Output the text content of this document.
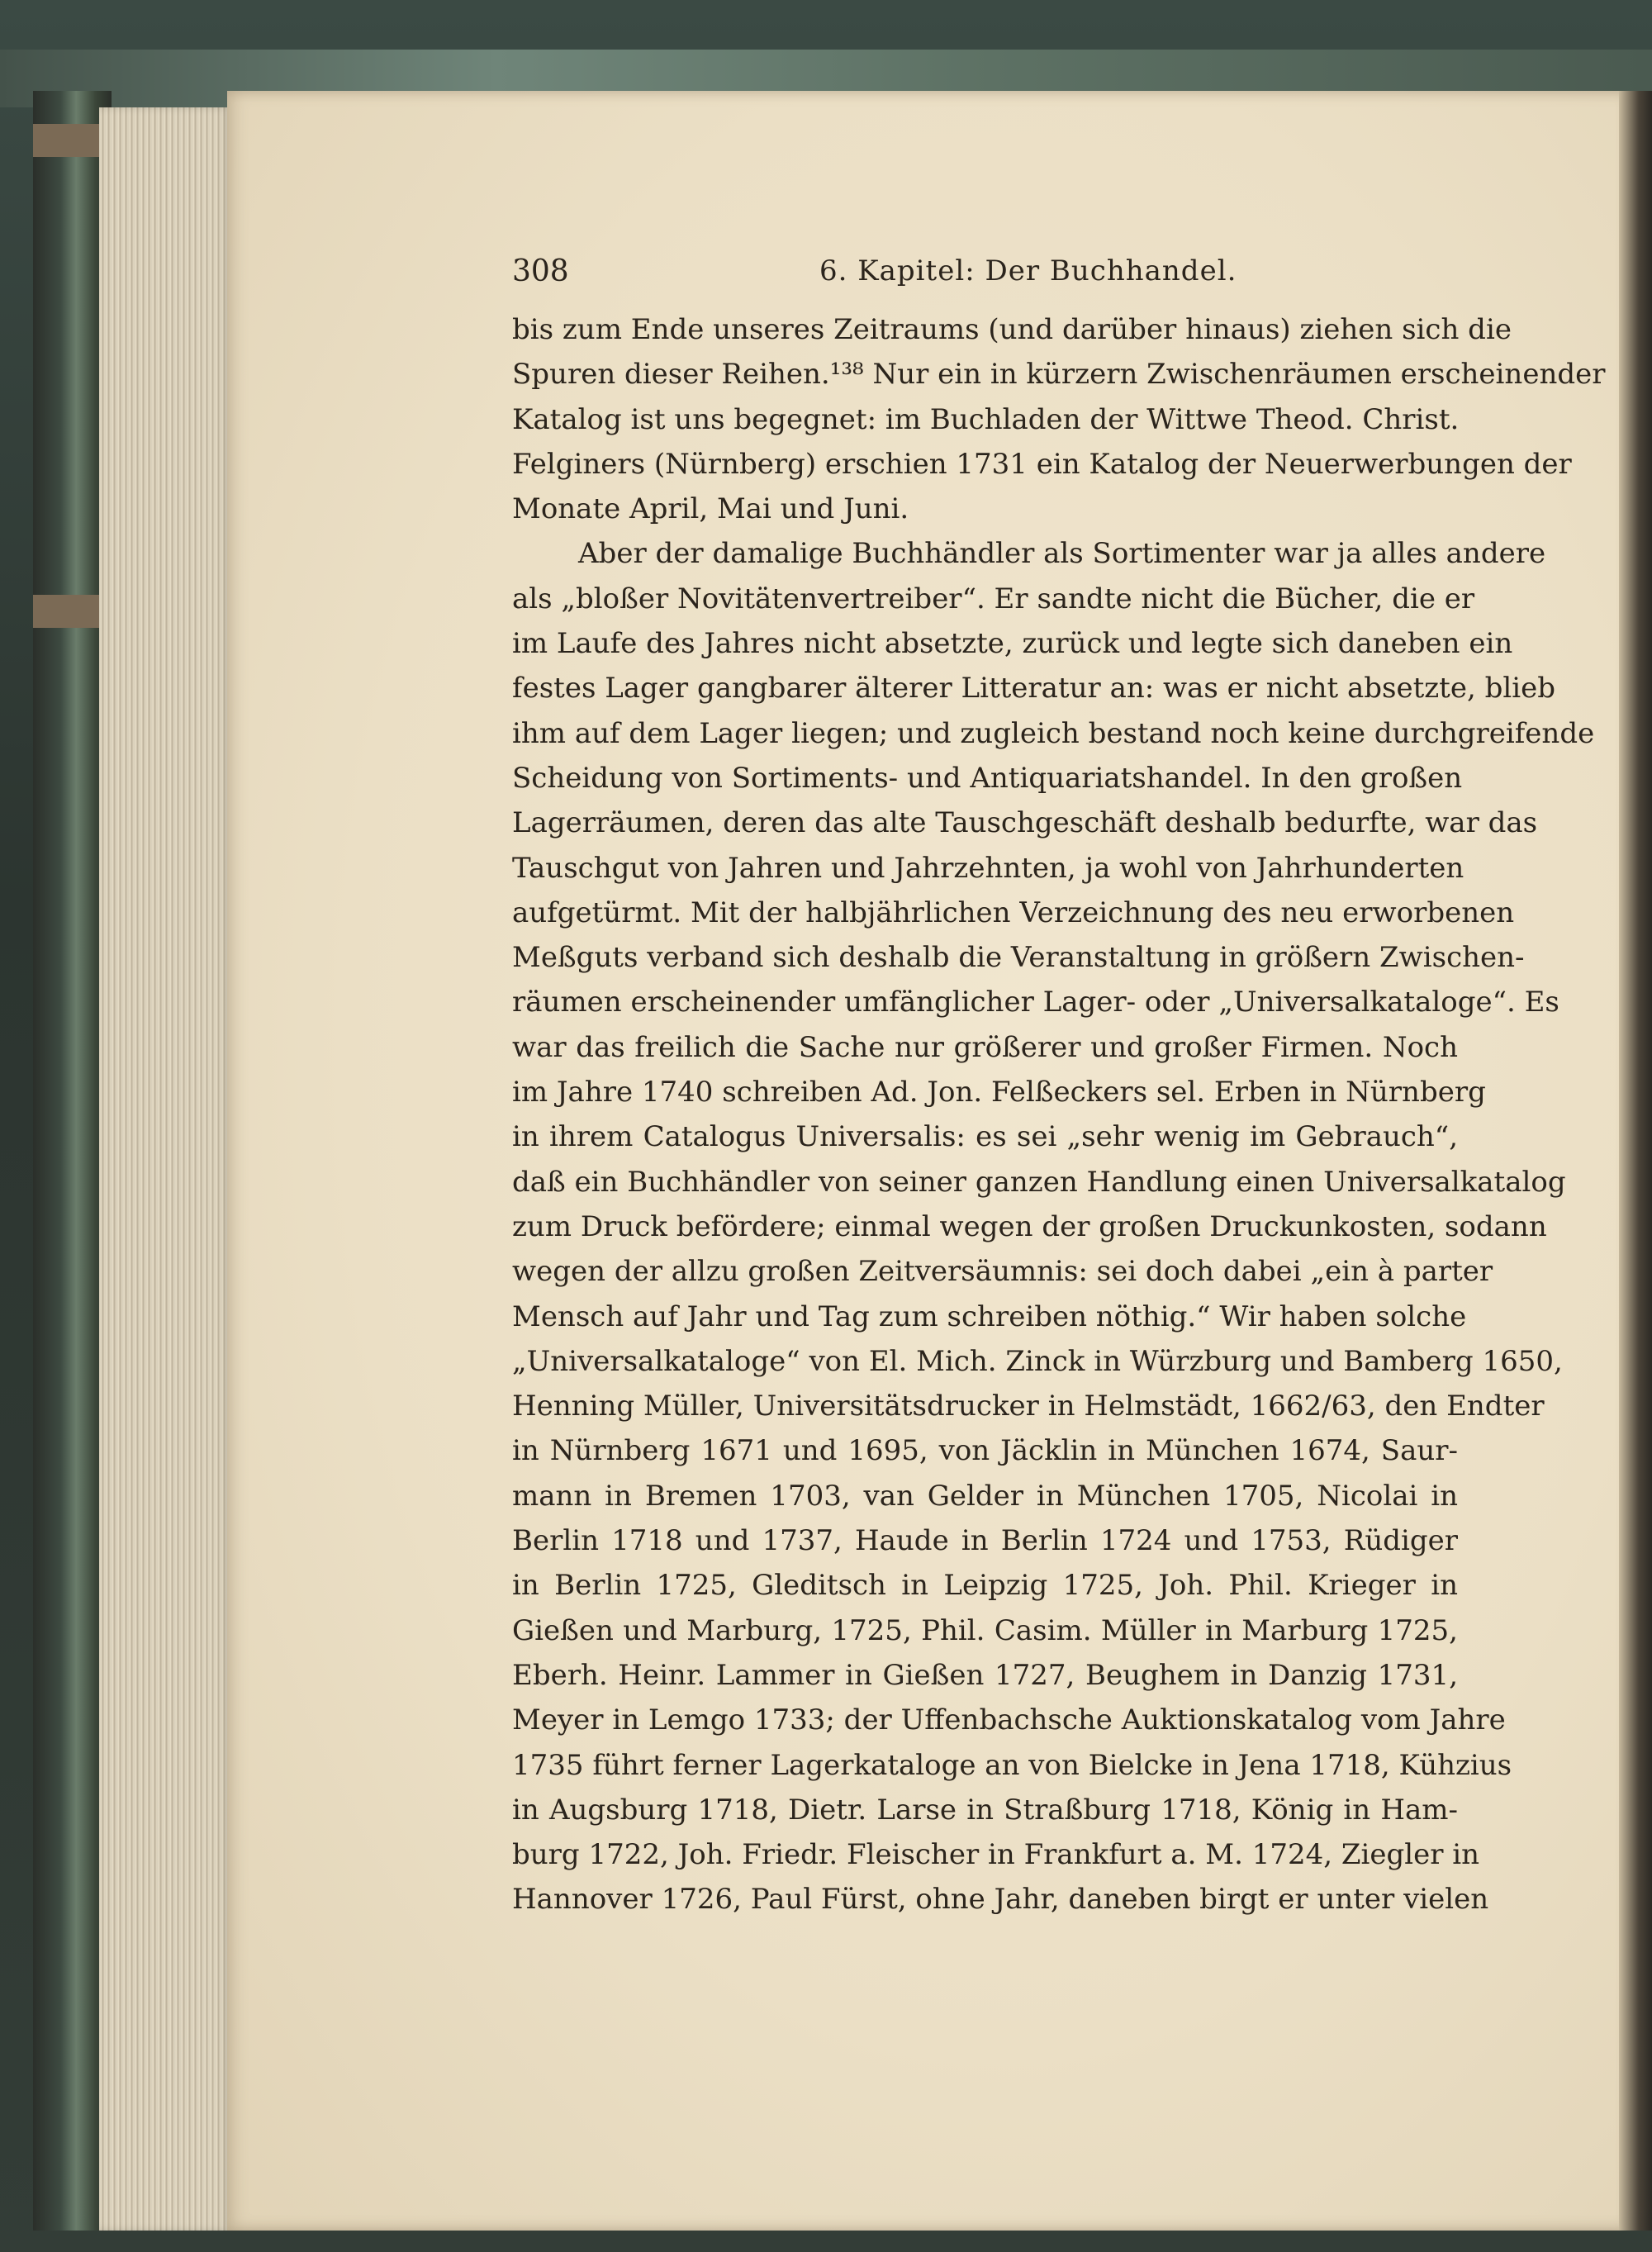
308	6. Kapitel: Der Buchhandel.
bis zum Ende unseres Zeitraums (und darüber hinaus) ziehen sich die
Spuren dieser Reihen.¹³⁸ Nur ein in kürzern Zwischenräumen erscheinender
Katalog ist uns begegnet: im Buchladen der Wittwe Theod. Christ.
Felginers (Nürnberg) erschien 1731 ein Katalog der Neuerwerbungen der
Monate April, Mai und Juni.
Aber der damalige Buchhändler als Sortimenter war ja alles andere
als „bloßer Novitätenvertreiber“. Er sandte nicht die Bücher, die er
im Laufe des Jahres nicht absetzte, zurück und legte sich daneben ein
festes Lager gangbarer älterer Litteratur an: was er nicht absetzte, blieb
ihm auf dem Lager liegen; und zugleich bestand noch keine durchgreifende
Scheidung von Sortiments- und Antiquariatshandel. In den großen
Lagerräumen, deren das alte Tauschgeschäft deshalb bedurfte, war das
Tauschgut von Jahren und Jahrzehnten, ja wohl von Jahrhunderten
aufgetürmt. Mit der halbjährlichen Verzeichnung des neu erworbenen
Meßguts verband sich deshalb die Veranstaltung in größern Zwischen-
räumen erscheinender umfänglicher Lager- oder „Universalkataloge“. Es
war das freilich die Sache nur größerer und großer Firmen. Noch
im Jahre 1740 schreiben Ad. Jon. Felßeckers sel. Erben in Nürnberg
in ihrem Catalogus Universalis: es sei „sehr wenig im Gebrauch“,
daß ein Buchhändler von seiner ganzen Handlung einen Universalkatalog
zum Druck befördere; einmal wegen der großen Druckunkosten, sodann
wegen der allzu großen Zeitversäumnis: sei doch dabei „ein à parter
Mensch auf Jahr und Tag zum schreiben nöthig.“ Wir haben solche
„Universalkataloge“ von El. Mich. Zinck in Würzburg und Bamberg 1650,
Henning Müller, Universitätsdrucker in Helmstädt, 1662/63, den Endter
in Nürnberg 1671 und 1695, von Jäcklin in München 1674, Saur-
mann in Bremen 1703, van Gelder in München 1705, Nicolai in
Berlin 1718 und 1737, Haude in Berlin 1724 und 1753, Rüdiger
in Berlin 1725, Gleditsch in Leipzig 1725, Joh. Phil. Krieger in
Gießen und Marburg, 1725, Phil. Casim. Müller in Marburg 1725,
Eberh. Heinr. Lammer in Gießen 1727, Beughem in Danzig 1731,
Meyer in Lemgo 1733; der Uffenbachsche Auktionskatalog vom Jahre
1735 führt ferner Lagerkataloge an von Bielcke in Jena 1718, Kühzius
in Augsburg 1718, Dietr. Larse in Straßburg 1718, König in Ham-
burg 1722, Joh. Friedr. Fleischer in Frankfurt a. M. 1724, Ziegler in
Hannover 1726, Paul Fürst, ohne Jahr, daneben birgt er unter vielen
